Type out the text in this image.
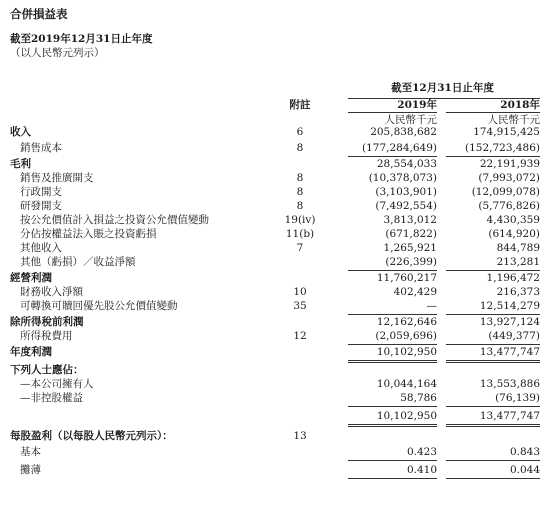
合併損益表
截至2019年12月31日止年度
（以人民幣元列示）
截至12月31日止年度
附註	2019年	2018年
人民幣千元	人民幣千元
收入	6	205,838,682	174,915,425
銷售成本	8	(177,284,649)	(152,723,486)
毛利	28,554,033	22,191,939
銷售及推廣開支	8	(10,378,073)	(7,993,072)
行政開支	8	(3,103,901)	(12,099,078)
研發開支	8	(7,492,554)	(5,776,826)
按公允價值計入損益之投資公允價值變動	19(iv)	3,813,012	4,430,359
分佔按權益法入賬之投資虧損	11(b)	(671,822)	(614,920)
其他收入	7	1,265,921	844,789
其他（虧損）／收益淨額	(226,399)	213,281
經營利潤	11,760,217	1,196,472
財務收入淨額	10	402,429	216,373
可轉換可贖回優先股公允價值變動	35	—	12,514,279
除所得稅前利潤	12,162,646	13,927,124
所得稅費用	12	(2,059,696)	(449,377)
年度利潤	10,102,950	13,477,747
下列人士應佔：
—本公司擁有人	10,044,164	13,553,886
—非控股權益	58,786	(76,139)
10,102,950	13,477,747
每股盈利（以每股人民幣元列示）：	13
基本	0.423	0.843
攤薄	0.410	0.044
